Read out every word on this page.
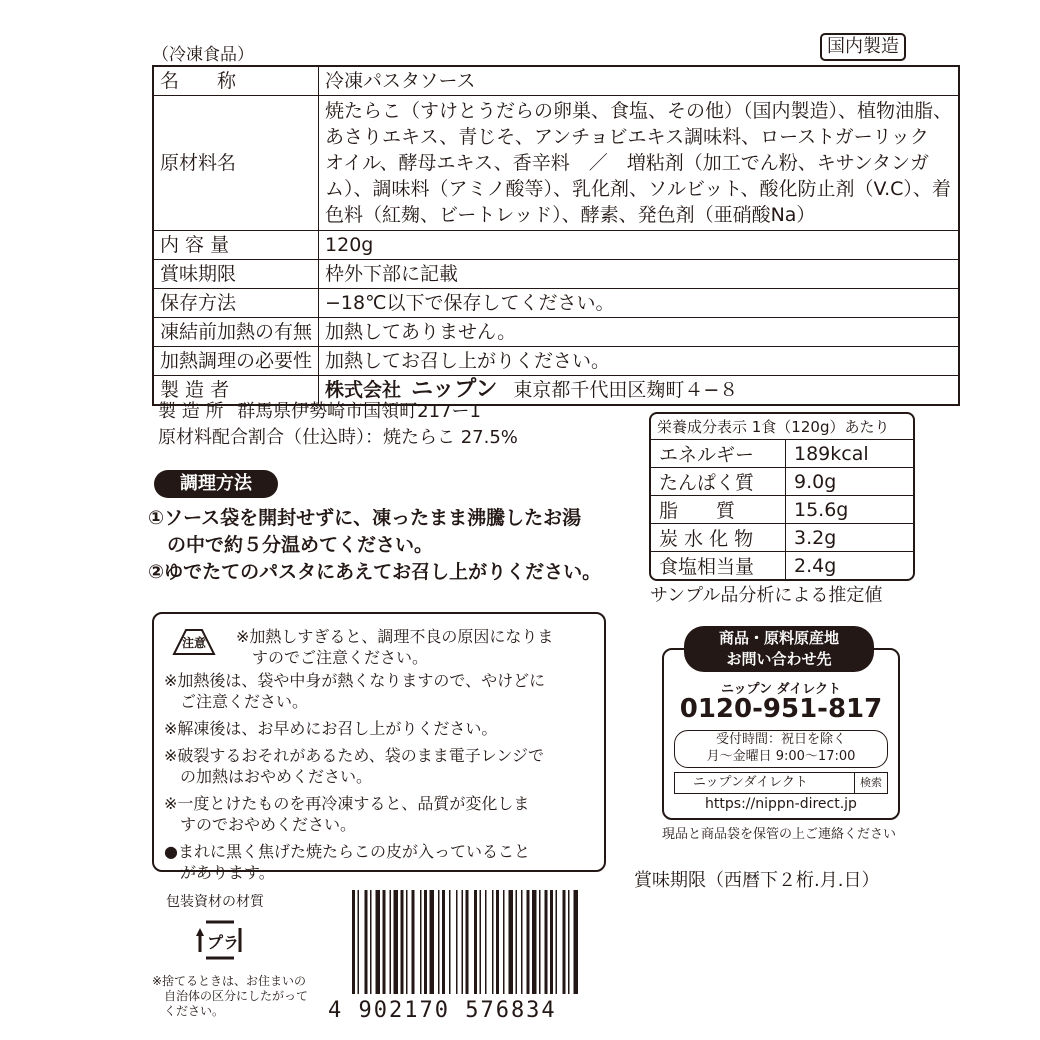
（冷凍食品）	国内製造
名　　称	冷凍パスタソース
原材料名	焼たらこ（すけとうだらの卵巣、食塩、その他）（国内製造）、植物油脂、
あさりエキス、青じそ、アンチョビエキス調味料、ローストガーリック
オイル、酵母エキス、香辛料　／　増粘剤（加工でん粉、キサンタンガ
ム）、調味料（アミノ酸等）、乳化剤、ソルビット、酸化防止剤（V.C）、着
色料（紅麹、ビートレッド）、酵素、発色剤（亜硝酸Na）

内 容 量	120g
賞味期限	枠外下部に記載
保存方法	−18℃以下で保存してください。
凍結前加熱の有無	加熱してありません。
加熱調理の必要性	加熱してお召し上がりください。
製 造 者	株式会社 ニップン 東京都千代田区麹町４−８
製 造 所 群馬県伊勢崎市国領町217ー1
原材料配合割合（仕込時）：焼たらこ 27.5%
調理方法
①ソース袋を開封せずに、凍ったまま沸騰したお湯
　の中で約５分温めてください。
②ゆでたてのパスタにあえてお召し上がりください。
栄養成分表示 1食（120g）あたり
エネルギー	189kcal
たんぱく質	9.0g
脂　　質	15.6g
炭 水 化 物	3.2g
食塩相当量	2.4g
サンプル品分析による推定値
注意 ※加熱しすぎると、調理不良の原因になりま

　すのでご注意ください。

※加熱後は、袋や中身が熱くなりますので、やけどに

　ご注意ください。

※解凍後は、お早めにお召し上がりください。

※破裂するおそれがあるため、袋のまま電子レンジで

　の加熱はおやめください。

※一度とけたものを再冷凍すると、品質が変化しま

　すのでおやめください。

●まれに黒く焦げた焼たらこの皮が入っていること

　があります。

商品・原料原産地
お問い合わせ先
ニップン ダイレクト
0120-951-817
受付時間：祝日を除く
月〜金曜日 9:00〜17:00
ニップンダイレクト	検索
https://nippn-direct.jp
現品と商品袋を保管の上ご連絡ください
賞味期限（西暦下２桁.月.日）
包装資材の材質
プラ
※捨てるときは、お住まいの
自治体の区分にしたがって
ください。	4 902170 576834
